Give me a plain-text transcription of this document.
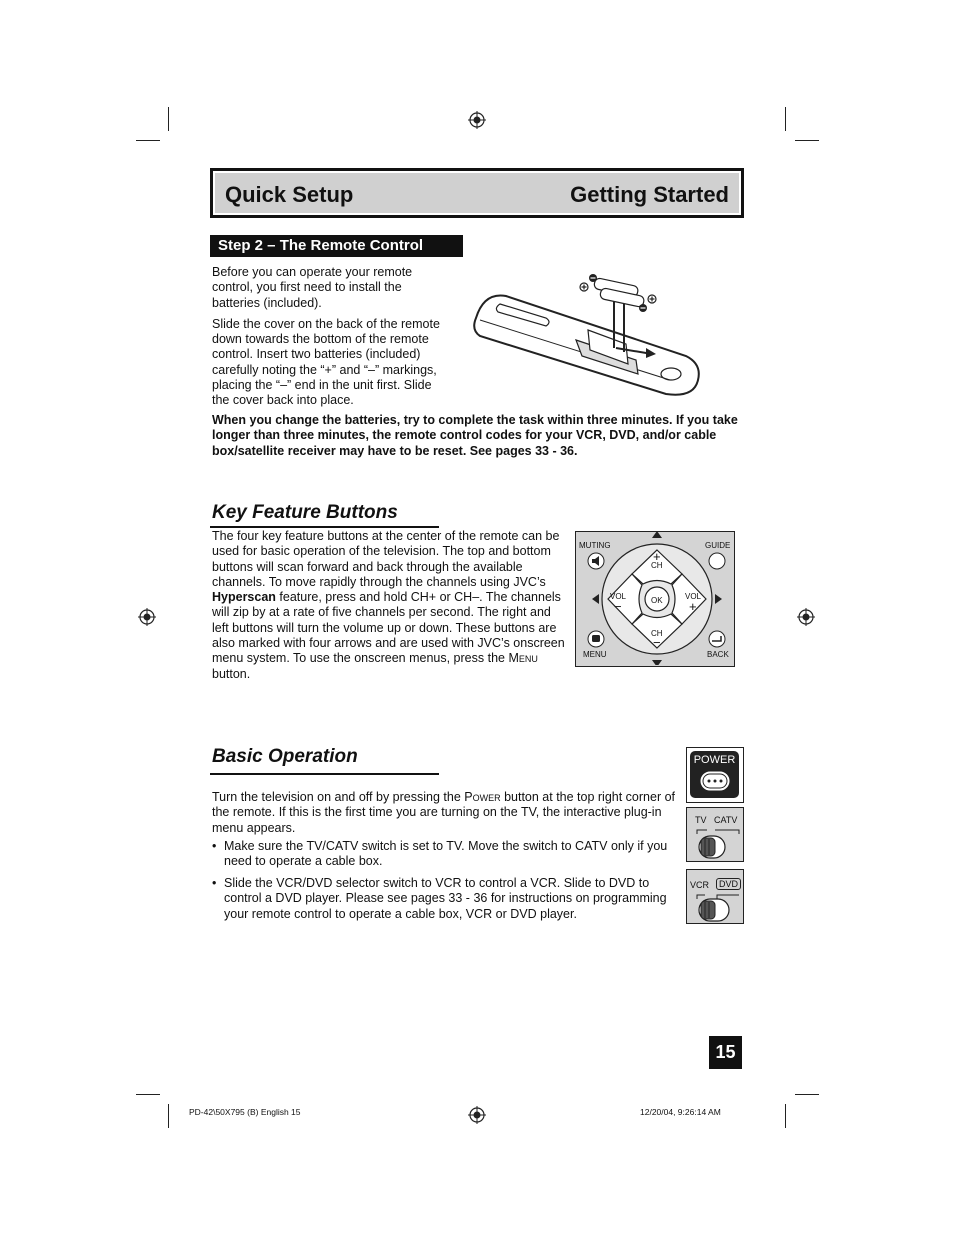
Quick Setup	Getting Started
Step 2 – The Remote Control

Before you can operate your remote control, you first need to install the batteries (included).

Slide the cover on the back of the remote down towards the bottom of the remote control. Insert two batteries (included) carefully noting the “+” and “–” markings, placing the “–” end in the unit first. Slide the cover back into place.

When you change the batteries, try to complete the task within three minutes. If you take longer than three minutes, the remote control codes for your VCR, DVD, and/or cable box/satellite receiver may have to be reset. See pages 33 - 36.
Key Feature Buttons
The four key feature buttons at the center of the remote can be used for basic operation of the television. The top and bottom buttons will scan forward and back through the available channels. To move rapidly through the channels using JVC’s Hyperscan feature, press and hold CH+ or CH–. The channels will zip by at a rate of five channels per second. The right and left buttons will turn the volume up or down. These buttons are also marked with four arrows and are used with JVC’s onscreen menu system. To use the onscreen menus, press the Menu button.
MUTING	GUIDE
MENU	BACK
+
CH
CH
−
VOL
−
VOL
+
OK
Basic Operation
Turn the television on and off by pressing the Power button at the top right corner of the remote. If this is the first time you are turning on the TV, the interactive plug-in menu appears.
• Make sure the TV/CATV switch is set to TV. Move the switch to CATV only if you need to operate a cable box.
• Slide the VCR/DVD selector switch to VCR to control a VCR. Slide to DVD to control a DVD player. Please see pages 33 - 36 for instructions on programming your remote control to operate a cable box, VCR or DVD player.
POWER
TV CATV
VCR	DVD
15
PD-42\50X795 (B) English 15	12/20/04, 9:26:14 AM
